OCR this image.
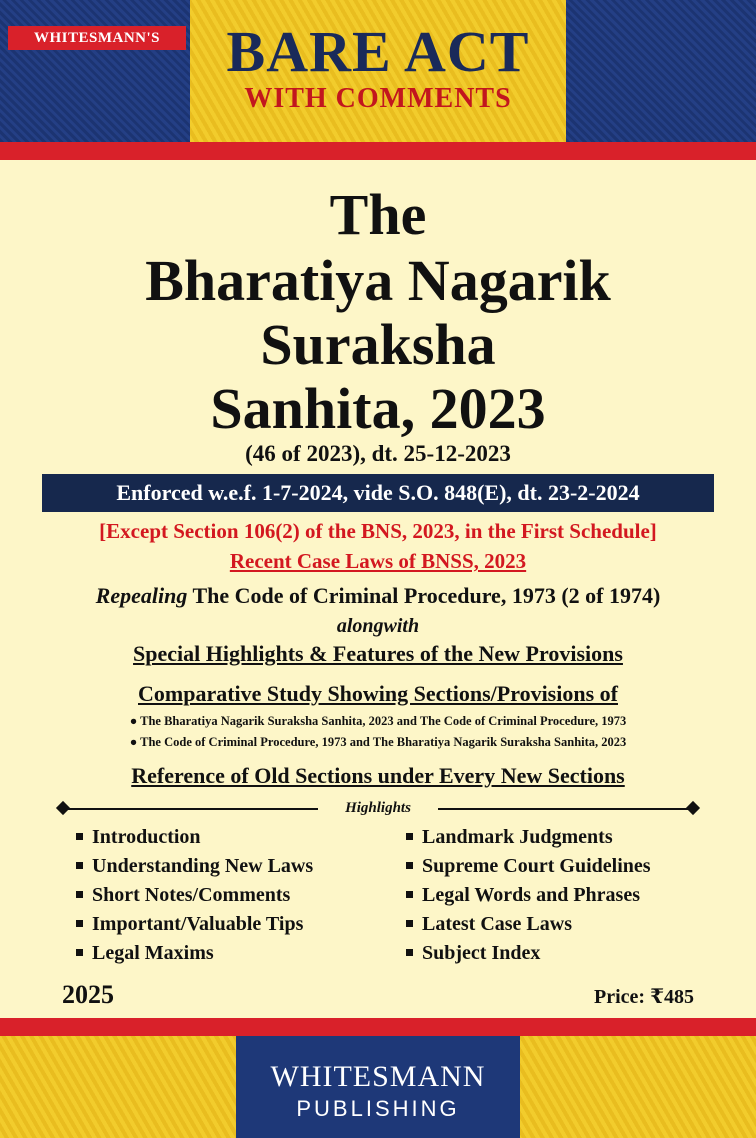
WHITESMANN'S	BARE ACT
WITH COMMENTS
The
Bharatiya Nagarik
Suraksha
Sanhita, 2023
(46 of 2023), dt. 25-12-2023
Enforced w.e.f. 1-7-2024, vide S.O. 848(E), dt. 23-2-2024
[Except Section 106(2) of the BNS, 2023, in the First Schedule]
Recent Case Laws of BNSS, 2023
Repealing The Code of Criminal Procedure, 1973 (2 of 1974)
alongwith
Special Highlights & Features of the New Provisions
Comparative Study Showing Sections/Provisions of
● The Bharatiya Nagarik Suraksha Sanhita, 2023 and The Code of Criminal Procedure, 1973
● The Code of Criminal Procedure, 1973 and The Bharatiya Nagarik Suraksha Sanhita, 2023
Reference of Old Sections under Every New Sections
Highlights
Introduction
Understanding New Laws
Short Notes/Comments
Important/Valuable Tips
Legal Maxims
Landmark Judgments
Supreme Court Guidelines
Legal Words and Phrases
Latest Case Laws
Subject Index
2025	Price: ₹485
WHITESMANN
PUBLISHING
